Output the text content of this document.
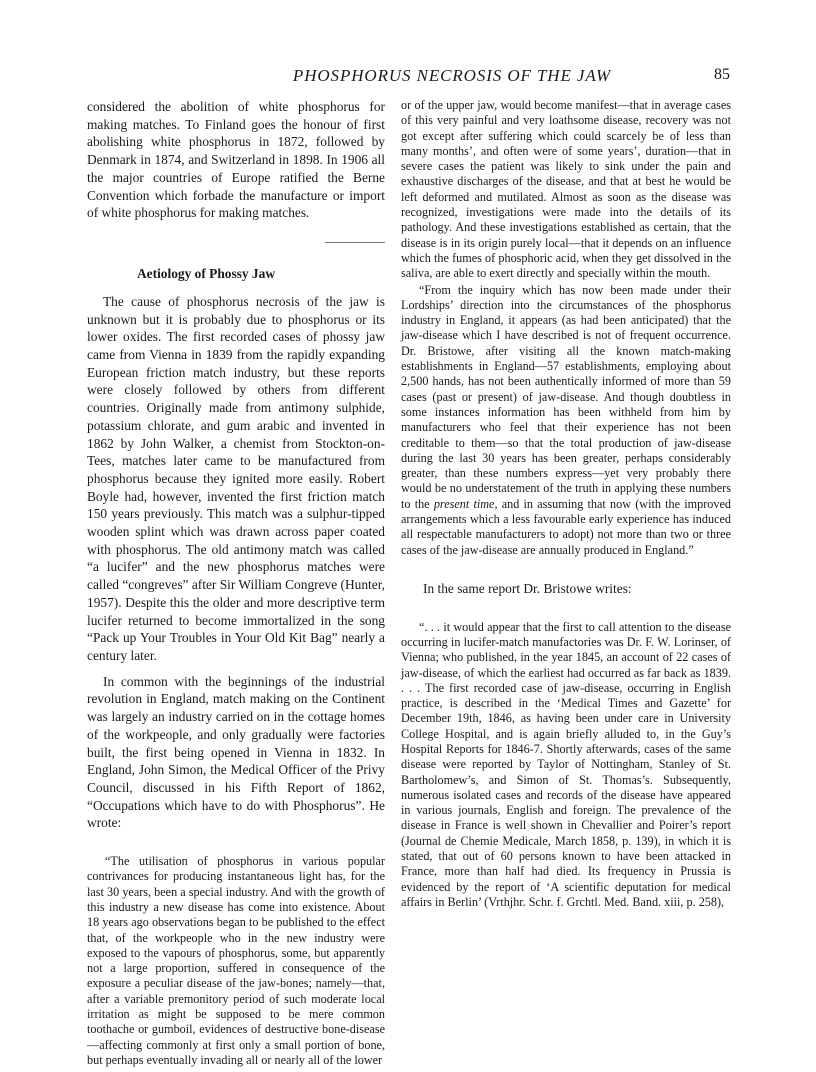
PHOSPHORUS NECROSIS OF THE JAW	85

considered the abolition of white phosphorus for making matches. To Finland goes the honour of first abolishing white phosphorus in 1872, followed by Denmark in 1874, and Switzerland in 1898. In 1906 all the major countries of Europe ratified the Berne Convention which forbade the manufacture or import of white phosphorus for making matches.

Aetiology of Phossy Jaw

The cause of phosphorus necrosis of the jaw is unknown but it is probably due to phosphorus or its lower oxides. The first recorded cases of phossy jaw came from Vienna in 1839 from the rapidly expanding European friction match industry, but these reports were closely followed by others from different countries. Originally made from antimony sulphide, potassium chlorate, and gum arabic and invented in 1862 by John Walker, a chemist from Stockton-on-Tees, matches later came to be manufactured from phosphorus because they ignited more easily. Robert Boyle had, however, invented the first friction match 150 years previously. This match was a sulphur-tipped wooden splint which was drawn across paper coated with phosphorus. The old antimony match was called “a lucifer” and the new phosphorus matches were called “congreves” after Sir William Congreve (Hunter, 1957). Despite this the older and more descriptive term lucifer returned to become immortalized in the song “Pack up Your Troubles in Your Old Kit Bag” nearly a century later.

In common with the beginnings of the industrial revolution in England, match making on the Continent was largely an industry carried on in the cottage homes of the workpeople, and only gradually were factories built, the first being opened in Vienna in 1832. In England, John Simon, the Medical Officer of the Privy Council, discussed in his Fifth Report of 1862, “Occupations which have to do with Phosphorus”. He wrote:

“The utilisation of phosphorus in various popular contrivances for producing instantaneous light has, for the last 30 years, been a special industry. And with the growth of this industry a new disease has come into existence. About 18 years ago observations began to be published to the effect that, of the workpeople who in the new industry were exposed to the vapours of phosphorus, some, but apparently not a large proportion, suffered in consequence of the exposure a peculiar disease of the jaw-bones; namely—that, after a variable premonitory period of such moderate local irritation as might be supposed to be mere common toothache or gumboil, evidences of destructive bone-disease—affecting commonly at first only a small portion of bone, but perhaps eventually invading all or nearly all of the lower

or of the upper jaw, would become manifest—that in average cases of this very painful and very loathsome disease, recovery was not got except after suffering which could scarcely be of less than many months’, and often were of some years’, duration—that in severe cases the patient was likely to sink under the pain and exhaustive discharges of the disease, and that at best he would be left deformed and mutilated. Almost as soon as the disease was recognized, investigations were made into the details of its pathology. And these investigations established as certain, that the disease is in its origin purely local—that it depends on an influence which the fumes of phosphoric acid, when they get dissolved in the saliva, are able to exert directly and specially within the mouth.

“From the inquiry which has now been made under their Lordships’ direction into the circumstances of the phosphorus industry in England, it appears (as had been anticipated) that the jaw-disease which I have described is not of frequent occurrence. Dr. Bristowe, after visiting all the known match-making establishments in England—57 establishments, employing about 2,500 hands, has not been authentically informed of more than 59 cases (past or present) of jaw-disease. And though doubtless in some instances information has been withheld from him by manufacturers who feel that their experience has not been creditable to them—so that the total production of jaw-disease during the last 30 years has been greater, perhaps considerably greater, than these numbers express—yet very probably there would be no understatement of the truth in applying these numbers to the present time, and in assuming that now (with the improved arrangements which a less favourable early experience has induced all respectable manufacturers to adopt) not more than two or three cases of the jaw-disease are annually produced in England.”

In the same report Dr. Bristowe writes:

“. . . it would appear that the first to call attention to the disease occurring in lucifer-match manufactories was Dr. F. W. Lorinser, of Vienna; who published, in the year 1845, an account of 22 cases of jaw-disease, of which the earliest had occurred as far back as 1839. . . . The first recorded case of jaw-disease, occurring in English practice, is described in the ‘Medical Times and Gazette’ for December 19th, 1846, as having been under care in University College Hospital, and is again briefly alluded to, in the Guy’s Hospital Reports for 1846-7. Shortly afterwards, cases of the same disease were reported by Taylor of Nottingham, Stanley of St. Bartholomew’s, and Simon of St. Thomas’s. Subsequently, numerous isolated cases and records of the disease have appeared in various journals, English and foreign. The prevalence of the disease in France is well shown in Chevallier and Poirer’s report (Journal de Chemie Medicale, March 1858, p. 139), in which it is stated, that out of 60 persons known to have been attacked in France, more than half had died. Its frequency in Prussia is evidenced by the report of ‘A scientific deputation for medical affairs in Berlin’ (Vrthjhr. Schr. f. Grchtl. Med. Band. xiii, p. 258),
